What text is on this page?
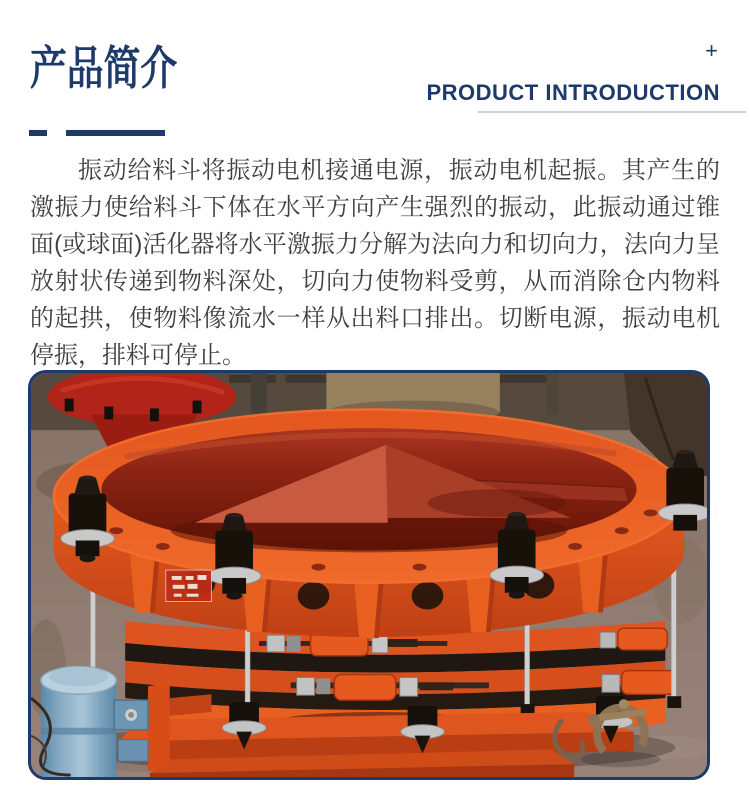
产品简介	+
PRODUCT INTRODUCTION

振动给料斗将振动电机接通电源，振动电机起振。其产生的激振力使给料斗下体在水平方向产生强烈的振动，此振动通过锥面(或球面)活化器将水平激振力分解为法向力和切向力，法向力呈放射状传递到物料深处，切向力使物料受剪，从而消除仓内物料的起拱，使物料像流水一样从出料口排出。切断电源，振动电机停振，排料可停止。
